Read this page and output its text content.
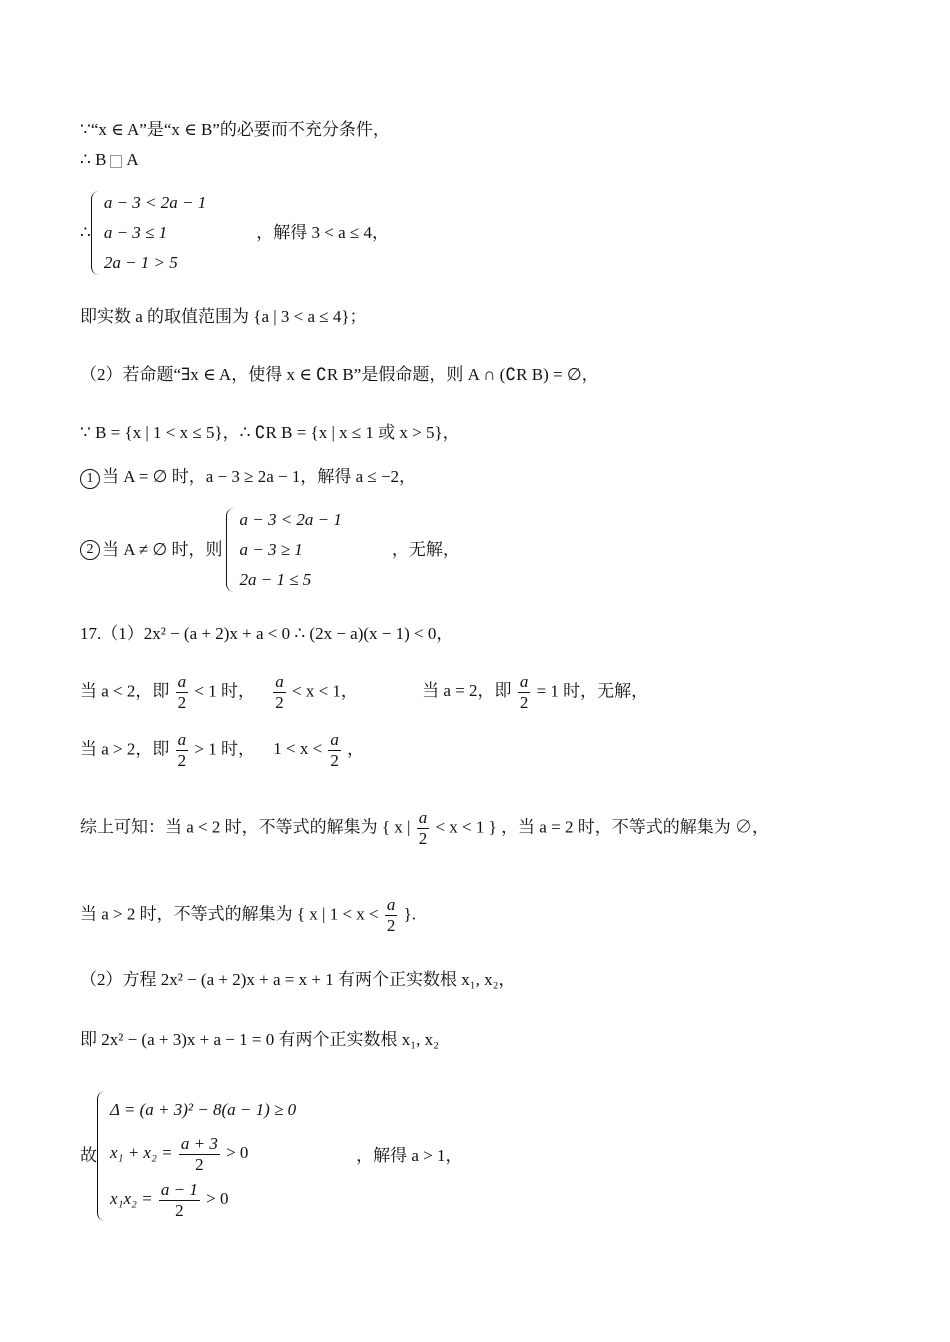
∵“x ∈ A”是“x ∈ B”的必要而不充分条件，
∴ B A
∴
a − 3 < 2a − 1
a − 3 ≤ 1
2a − 1 > 5
，解得 3 < a ≤ 4，
即实数 a 的取值范围为 {a | 3 < a ≤ 4}；
（2）若命题“∃x ∈ A，使得 x ∈ ∁R B”是假命题，则 A ∩ (∁R B) = ∅，
∵ B = {x | 1 < x ≤ 5}，∴ ∁R B = {x | x ≤ 1 或 x > 5}，
1 当 A = ∅ 时，a − 3 ≥ 2a − 1，解得 a ≤ −2，
2 当 A ≠ ∅ 时，则
a − 3 < 2a − 1
a − 3 ≥ 1
2a − 1 ≤ 5
，无解，
17.（1）2x² − (a + 2)x + a < 0 ∴ (2x − a)(x − 1) < 0，
当 a < 2，即 $\frac{a}{2} < 1$ 时， $\frac{a}{2} < x < 1$，	当 a = 2，即 $\frac{a}{2} = 1$ 时，无解，
当 a > 2，即 $\frac{a}{2} > 1$ 时， $1 < x < \frac{a}{2}$ ，
综上可知：当 a < 2 时，不等式的解集为 { x | $\frac{a}{2} < x < 1$ } ，当 a = 2 时，不等式的解集为 ∅，
当 a > 2 时，不等式的解集为 { x | $1 < x < \frac{a}{2}$ }.
（2）方程 2x² − (a + 2)x + a = x + 1 有两个正实数根 x₁, x₂，
即 2x² − (a + 3)x + a − 1 = 0 有两个正实数根 x₁, x₂
故
Δ = (a + 3)² − 8(a − 1) ≥ 0
$x_1 + x_2 = \frac{a + 3}{2} > 0$
$x_1x_2 = \frac{a - 1}{2} > 0$
，解得 a > 1，
